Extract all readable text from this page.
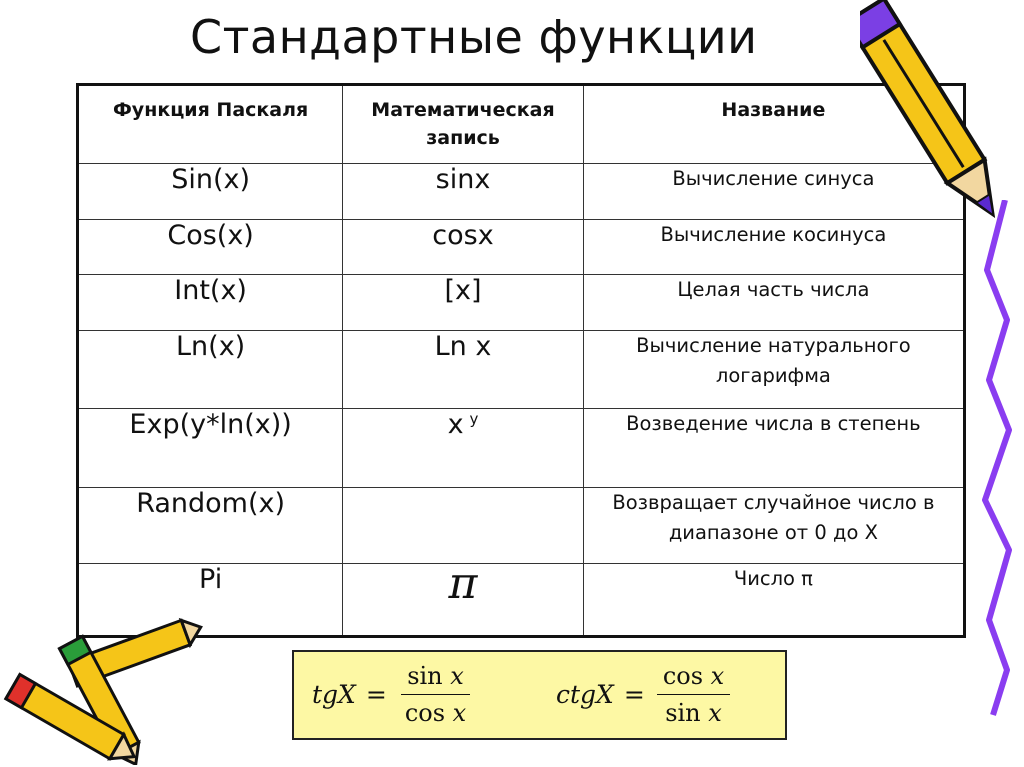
Стандартные функции
Функция Паскаля	Математическая запись	Название
Sin(x)	sinx	Вычисление синуса
Cos(x)	cosx	Вычисление косинуса
Int(x)	[x]	Целая часть числа
Ln(x)	Ln x	Вычисление натурального логарифма
Exp(y*ln(x))	x $^y$	Возведение числа в степень
Random(x)		Возвращает случайное число в диапазоне от 0 до X
Pi	π	Число π
tgX = $\frac{\text{sin x}}{\text{cos x}}$	ctgX = $\frac{\text{cos x}}{\text{sin x}}$
